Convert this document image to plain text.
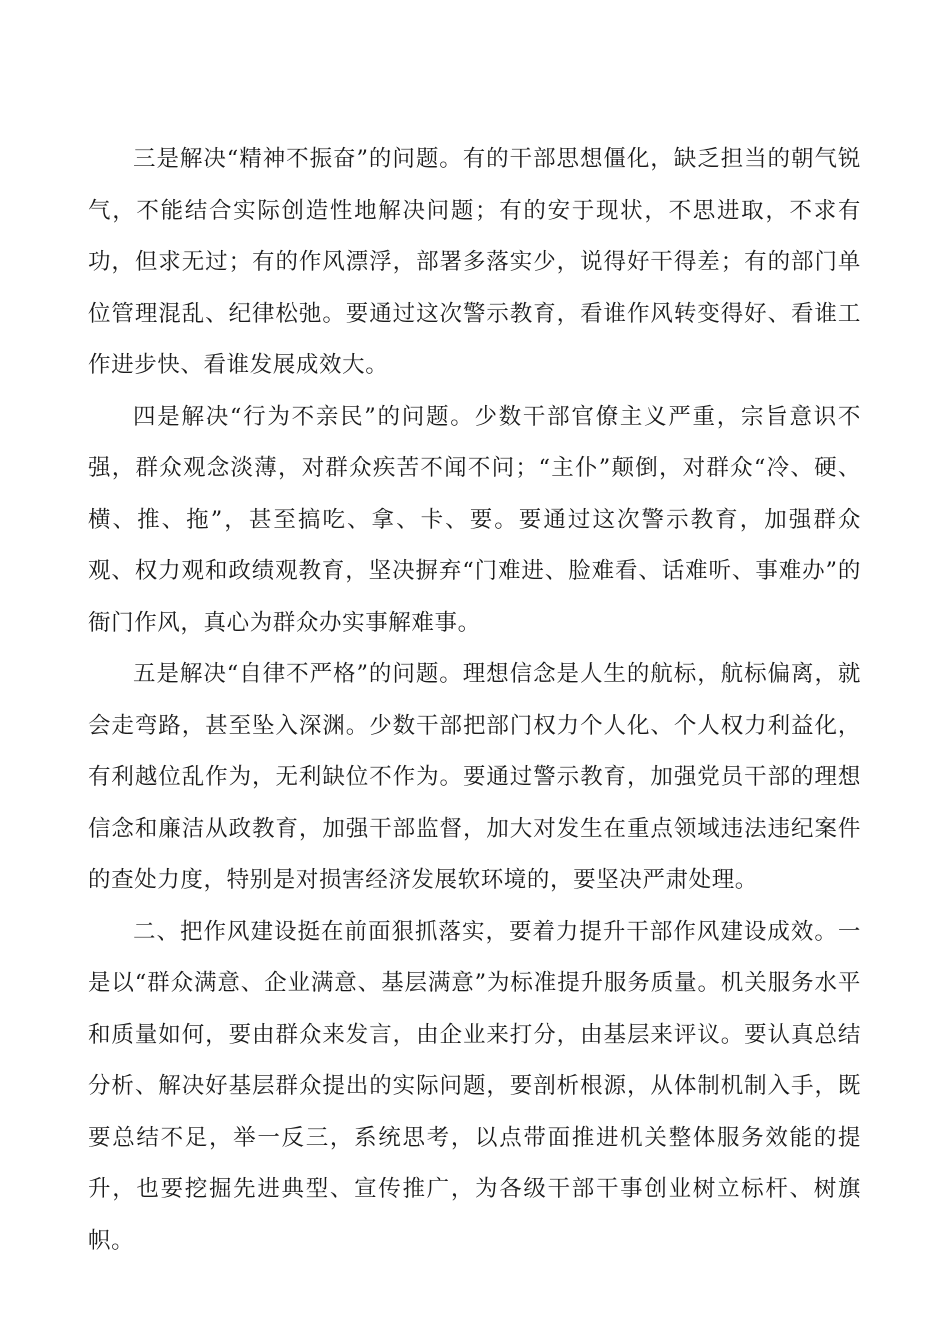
三是解决“精神不振奋”的问题。有的干部思想僵化，缺乏担当的朝气锐气，不能结合实际创造性地解决问题；有的安于现状，不思进取，不求有功，但求无过；有的作风漂浮，部署多落实少，说得好干得差；有的部门单位管理混乱、纪律松弛。要通过这次警示教育，看谁作风转变得好、看谁工作进步快、看谁发展成效大。

四是解决“行为不亲民”的问题。少数干部官僚主义严重，宗旨意识不强，群众观念淡薄，对群众疾苦不闻不问；“主仆”颠倒，对群众“冷、硬、横、推、拖”，甚至搞吃、拿、卡、要。要通过这次警示教育，加强群众观、权力观和政绩观教育，坚决摒弃“门难进、脸难看、话难听、事难办”的衙门作风，真心为群众办实事解难事。

五是解决“自律不严格”的问题。理想信念是人生的航标，航标偏离，就会走弯路，甚至坠入深渊。少数干部把部门权力个人化、个人权力利益化，有利越位乱作为，无利缺位不作为。要通过警示教育，加强党员干部的理想信念和廉洁从政教育，加强干部监督，加大对发生在重点领域违法违纪案件的查处力度，特别是对损害经济发展软环境的，要坚决严肃处理。

二、把作风建设挺在前面狠抓落实，要着力提升干部作风建设成效。一是以“群众满意、企业满意、基层满意”为标准提升服务质量。机关服务水平和质量如何，要由群众来发言，由企业来打分，由基层来评议。要认真总结分析、解决好基层群众提出的实际问题，要剖析根源，从体制机制入手，既要总结不足，举一反三，系统思考，以点带面推进机关整体服务效能的提升，也要挖掘先进典型、宣传推广，为各级干部干事创业树立标杆、树旗帜。
